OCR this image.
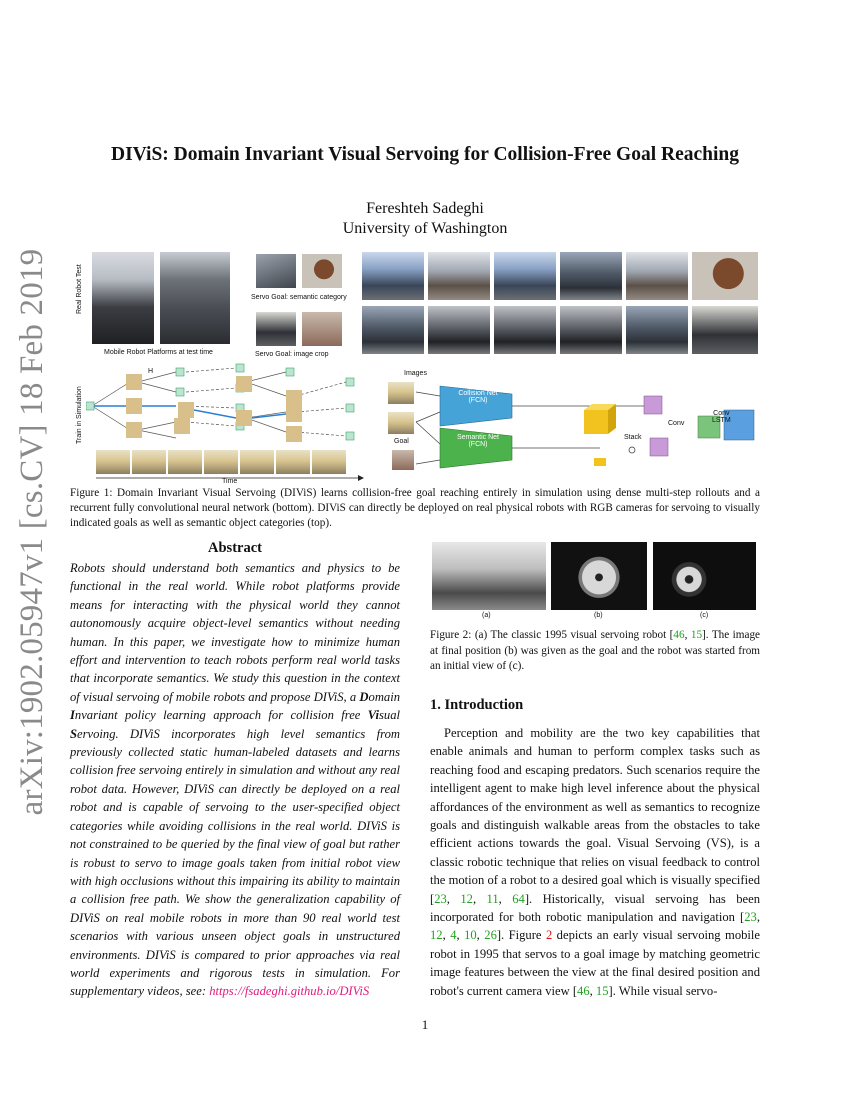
arXiv:1902.05947v1 [cs.CV] 18 Feb 2019
DIViS: Domain Invariant Visual Servoing for Collision-Free Goal Reaching
Fereshteh Sadeghi
University of Washington
Real Robot Test
Mobile Robot Platforms at test time
Servo Goal: semantic category
Servo Goal: image crop
Train in Simulation
H
Time
Images
Goal
Collision Net
(FCN)
Semantic Net
(FCN)
Stack
Conv
Conv
LSTM
Figure 1: Domain Invariant Visual Servoing (DIViS) learns collision-free goal reaching entirely in simulation using dense multi-step rollouts and a recurrent fully convolutional neural network (bottom). DIViS can directly be deployed on real physical robots with RGB cameras for servoing to visually indicated goals as well as semantic object categories (top).
Abstract
Robots should understand both semantics and physics to be functional in the real world. While robot platforms provide means for interacting with the physical world they cannot autonomously acquire object-level semantics without needing human. In this paper, we investigate how to minimize human effort and intervention to teach robots perform real world tasks that incorporate semantics. We study this question in the context of visual servoing of mobile robots and propose DIViS, a Domain Invariant policy learning approach for collision free Visual Servoing. DIViS incorporates high level semantics from previously collected static human-labeled datasets and learns collision free servoing entirely in simulation and without any real robot data. However, DIViS can directly be deployed on a real robot and is capable of servoing to the user-specified object categories while avoiding collisions in the real world. DIViS is not constrained to be queried by the final view of goal but rather is robust to servo to image goals taken from initial robot view with high occlusions without this impairing its ability to maintain a collision free path. We show the generalization capability of DIViS on real mobile robots in more than 90 real world test scenarios with various unseen object goals in unstructured environments. DIViS is compared to prior approaches via real world experiments and rigorous tests in simulation. For supplementary videos, see: https://fsadeghi.github.io/DIViS
(a)	(b)	(c)
Figure 2: (a) The classic 1995 visual servoing robot [46, 15]. The image at final position (b) was given as the goal and the robot was started from an initial view of (c).
1. Introduction
Perception and mobility are the two key capabilities that enable animals and human to perform complex tasks such as reaching food and escaping predators. Such scenarios require the intelligent agent to make high level inference about the physical affordances of the environment as well as semantics to recognize goals and distinguish walkable areas from the obstacles to take efficient actions towards the goal. Visual Servoing (VS), is a classic robotic technique that relies on visual feedback to control the motion of a robot to a desired goal which is visually specified [23, 12, 11, 64]. Historically, visual servoing has been incorporated for both robotic manipulation and navigation [23, 12, 4, 10, 26]. Figure 2 depicts an early visual servoing mobile robot in 1995 that servos to a goal image by matching geometric image features between the view at the final desired position and robot's current camera view [46, 15]. While visual servo-
1
